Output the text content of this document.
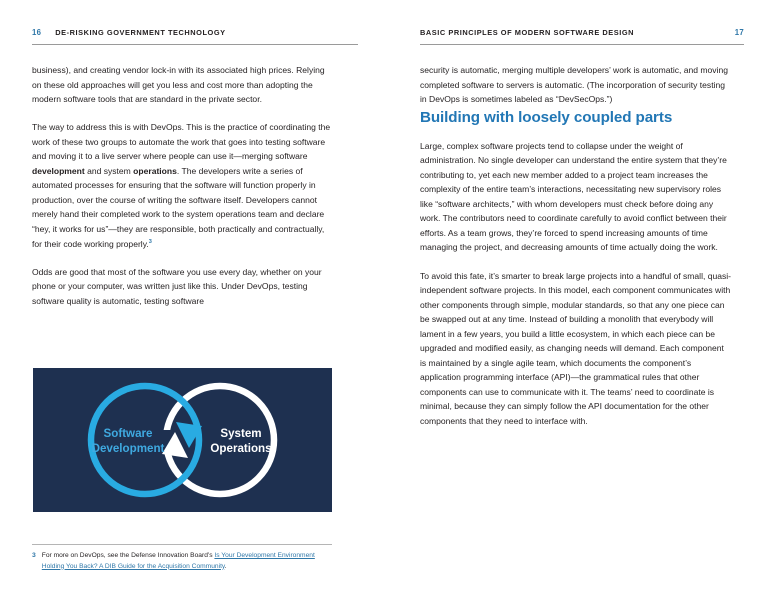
16 DE-RISKING GOVERNMENT TECHNOLOGY

business), and creating vendor lock-in with its associated high prices. Relying on these old approaches will get you less and cost more than adopting the modern software tools that are standard in the private sector.

The way to address this is with DevOps. This is the practice of coordinating the work of these two groups to automate the work that goes into testing software and moving it to a live server where people can use it—merging software development and system operations. The developers write a series of automated processes for ensuring that the software will function properly in production, over the course of writing the software itself. Developers cannot merely hand their completed work to the system operations team and declare “hey, it works for us”—they are responsible, both practically and contractually, for their code working properly.$^3$

Odds are good that most of the software you use every day, whether on your phone or your computer, was written just like this. Under DevOps, testing software quality is automatic, testing software

Software
Development
System
Operations
3 For more on DevOps, see the Defense Innovation Board’s Is Your Development Environment Holding You Back? A DIB Guide for the Acquisition Community.
BASIC PRINCIPLES OF MODERN SOFTWARE DESIGN	17

security is automatic, merging multiple developers’ work is automatic, and moving completed software to servers is automatic. (The incorporation of security testing in DevOps is sometimes labeled as “DevSecOps.”)

Building with loosely coupled parts

Large, complex software projects tend to collapse under the weight of administration. No single developer can understand the entire system that they’re contributing to, yet each new member added to a project team increases the complexity of the entire team’s interactions, necessitating new supervisory roles like “software architects,” with whom developers must check before doing any work. The contributors need to coordinate carefully to avoid conflict between their efforts. As a team grows, they’re forced to spend increasing amounts of time managing the project, and decreasing amounts of time actually doing the work.

To avoid this fate, it’s smarter to break large projects into a handful of small, quasi-independent software projects. In this model, each component communicates with other components through simple, modular standards, so that any one piece can be swapped out at any time. Instead of building a monolith that everybody will lament in a few years, you build a little ecosystem, in which each piece can be upgraded and modified easily, as changing needs will demand. Each component is maintained by a single agile team, which documents the component’s application programming interface (API)—the grammatical rules that other components can use to communicate with it. The teams’ need to coordinate is minimal, because they can simply follow the API documentation for the other components that they need to interface with.
